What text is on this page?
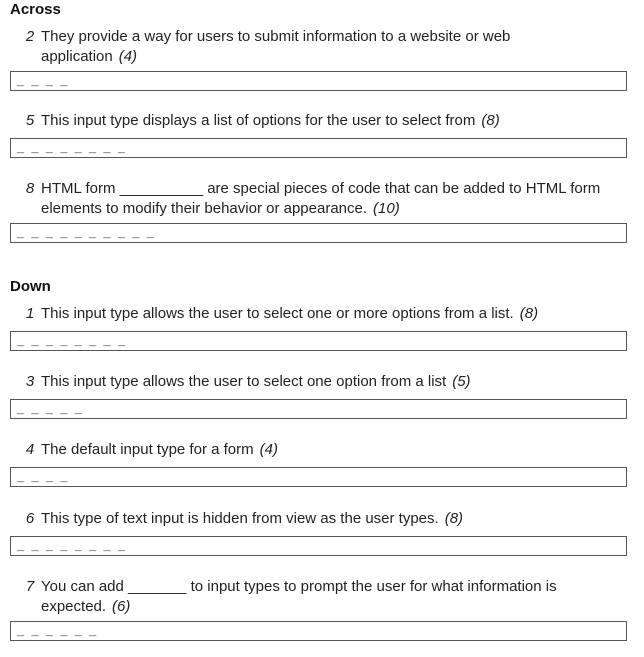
Across
2 They provide a way for users to submit information to a website or web application (4)

_ _ _ _

5 This input type displays a list of options for the user to select from (8)

_ _ _ _ _ _ _ _

8 HTML form __________ are special pieces of code that can be added to HTML form elements to modify their behavior or appearance. (10)

_ _ _ _ _ _ _ _ _ _

Down
1 This input type allows the user to select one or more options from a list. (8)

_ _ _ _ _ _ _ _

3 This input type allows the user to select one option from a list (5)

_ _ _ _ _

4 The default input type for a form (4)

_ _ _ _

6 This type of text input is hidden from view as the user types. (8)

_ _ _ _ _ _ _ _

7 You can add _______ to input types to prompt the user for what information is expected. (6)

_ _ _ _ _ _
